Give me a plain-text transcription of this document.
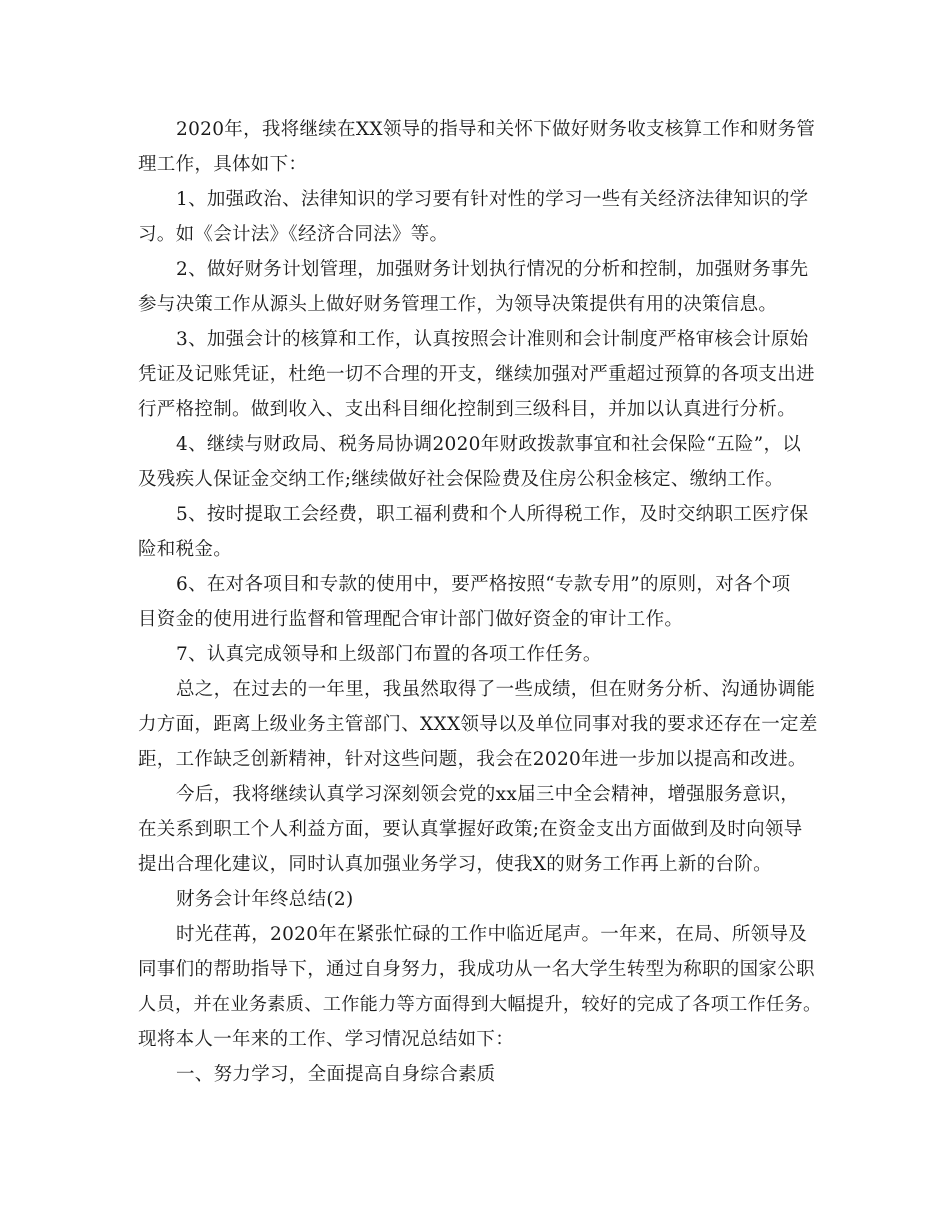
2020年，我将继续在XX领导的指导和关怀下做好财务收支核算工作和财务管
理工作，具体如下：
1、加强政治、法律知识的学习要有针对性的学习一些有关经济法律知识的学
习。如《会计法》《经济合同法》等。
2、做好财务计划管理，加强财务计划执行情况的分析和控制，加强财务事先
参与决策工作从源头上做好财务管理工作，为领导决策提供有用的决策信息。
3、加强会计的核算和工作，认真按照会计准则和会计制度严格审核会计原始
凭证及记账凭证，杜绝一切不合理的开支，继续加强对严重超过预算的各项支出进
行严格控制。做到收入、支出科目细化控制到三级科目，并加以认真进行分析。
4、继续与财政局、税务局协调2020年财政拨款事宜和社会保险“五险”，以
及残疾人保证金交纳工作;继续做好社会保险费及住房公积金核定、缴纳工作。
5、按时提取工会经费，职工福利费和个人所得税工作，及时交纳职工医疗保
险和税金。
6、在对各项目和专款的使用中，要严格按照“专款专用”的原则，对各个项
目资金的使用进行监督和管理配合审计部门做好资金的审计工作。
7、认真完成领导和上级部门布置的各项工作任务。
总之，在过去的一年里，我虽然取得了一些成绩，但在财务分析、沟通协调能
力方面，距离上级业务主管部门、XXX领导以及单位同事对我的要求还存在一定差
距，工作缺乏创新精神，针对这些问题，我会在2020年进一步加以提高和改进。
今后，我将继续认真学习深刻领会党的xx届三中全会精神，增强服务意识，
在关系到职工个人利益方面，要认真掌握好政策;在资金支出方面做到及时向领导
提出合理化建议，同时认真加强业务学习，使我X的财务工作再上新的台阶。
财务会计年终总结(2)
时光荏苒，2020年在紧张忙碌的工作中临近尾声。一年来，在局、所领导及
同事们的帮助指导下，通过自身努力，我成功从一名大学生转型为称职的国家公职
人员，并在业务素质、工作能力等方面得到大幅提升，较好的完成了各项工作任务。
现将本人一年来的工作、学习情况总结如下：
一、努力学习，全面提高自身综合素质
